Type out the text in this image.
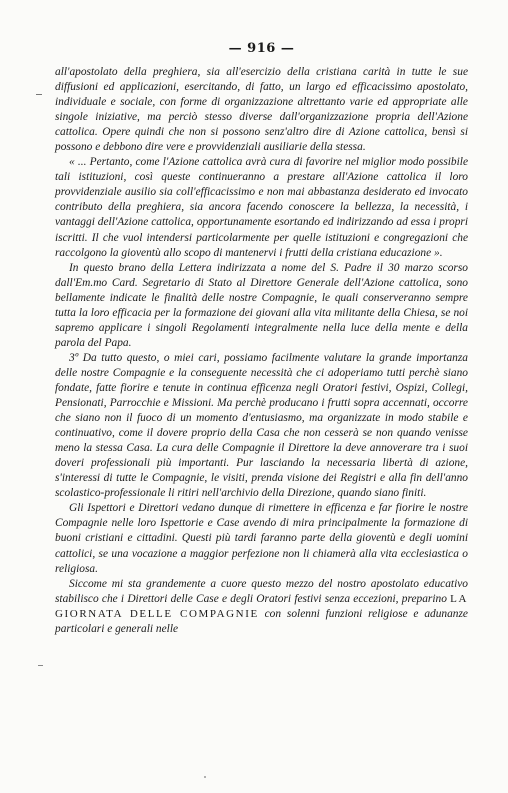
— 916 —

all'apostolato della preghiera, sia all'esercizio della cristiana carità in tutte le sue diffusioni ed applicazioni, esercitando, di fatto, un largo ed efficacissimo apostolato, individuale e sociale, con forme di organizzazione altrettanto varie ed appropriate alle singole iniziative, ma perciò stesso diverse dall'organizzazione propria dell'Azione cattolica. Opere quindi che non si possono senz'altro dire di Azione cattolica, bensì si possono e debbono dire vere e provvidenziali ausiliarie della stessa.

« ... Pertanto, come l'Azione cattolica avrà cura di favorire nel miglior modo possibile tali istituzioni, così queste continueranno a prestare all'Azione cattolica il loro provvidenziale ausilio sia coll'efficacissimo e non mai abbastanza desiderato ed invocato contributo della preghiera, sia ancora facendo conoscere la bellezza, la necessità, i vantaggi dell'Azione cattolica, opportunamente esortando ed indirizzando ad essa i propri iscritti. Il che vuol intendersi particolarmente per quelle istituzioni e congregazioni che raccolgono la gioventù allo scopo di mantenervi i frutti della cristiana educazione ».

In questo brano della Lettera indirizzata a nome del S. Padre il 30 marzo scorso dall'Em.mo Card. Segretario di Stato al Direttore Generale dell'Azione cattolica, sono bellamente indicate le finalità delle nostre Compagnie, le quali conserveranno sempre tutta la loro efficacia per la formazione dei giovani alla vita militante della Chiesa, se noi sapremo applicare i singoli Regolamenti integralmente nella luce della mente e della parola del Papa.

3º Da tutto questo, o miei cari, possiamo facilmente valutare la grande importanza delle nostre Compagnie e la conseguente necessità che ci adoperiamo tutti perchè siano fondate, fatte fiorire e tenute in continua efficenza negli Oratori festivi, Ospizi, Collegi, Pensionati, Parrocchie e Missioni. Ma perchè producano i frutti sopra accennati, occorre che siano non il fuoco di un momento d'entusiasmo, ma organizzate in modo stabile e continuativo, come il dovere proprio della Casa che non cesserà se non quando venisse meno la stessa Casa. La cura delle Compagnie il Direttore la deve annoverare tra i suoi doveri professionali più importanti. Pur lasciando la necessaria libertà di azione, s'interessi di tutte le Compagnie, le visiti, prenda visione dei Registri e alla fin dell'anno scolastico-professionale li ritiri nell'archivio della Direzione, quando siano finiti.

Gli Ispettori e Direttori vedano dunque di rimettere in efficenza e far fiorire le nostre Compagnie nelle loro Ispettorie e Case avendo di mira principalmente la formazione di buoni cristiani e cittadini. Questi più tardi faranno parte della gioventù e degli uomini cattolici, se una vocazione a maggior perfezione non li chiamerà alla vita ecclesiastica o religiosa.

Siccome mi sta grandemente a cuore questo mezzo del nostro apostolato educativo stabilisco che i Direttori delle Case e degli Oratori festivi senza eccezioni, preparino LA GIORNATA DELLE COMPAGNIE con solenni funzioni religiose e adunanze particolari e generali nelle
